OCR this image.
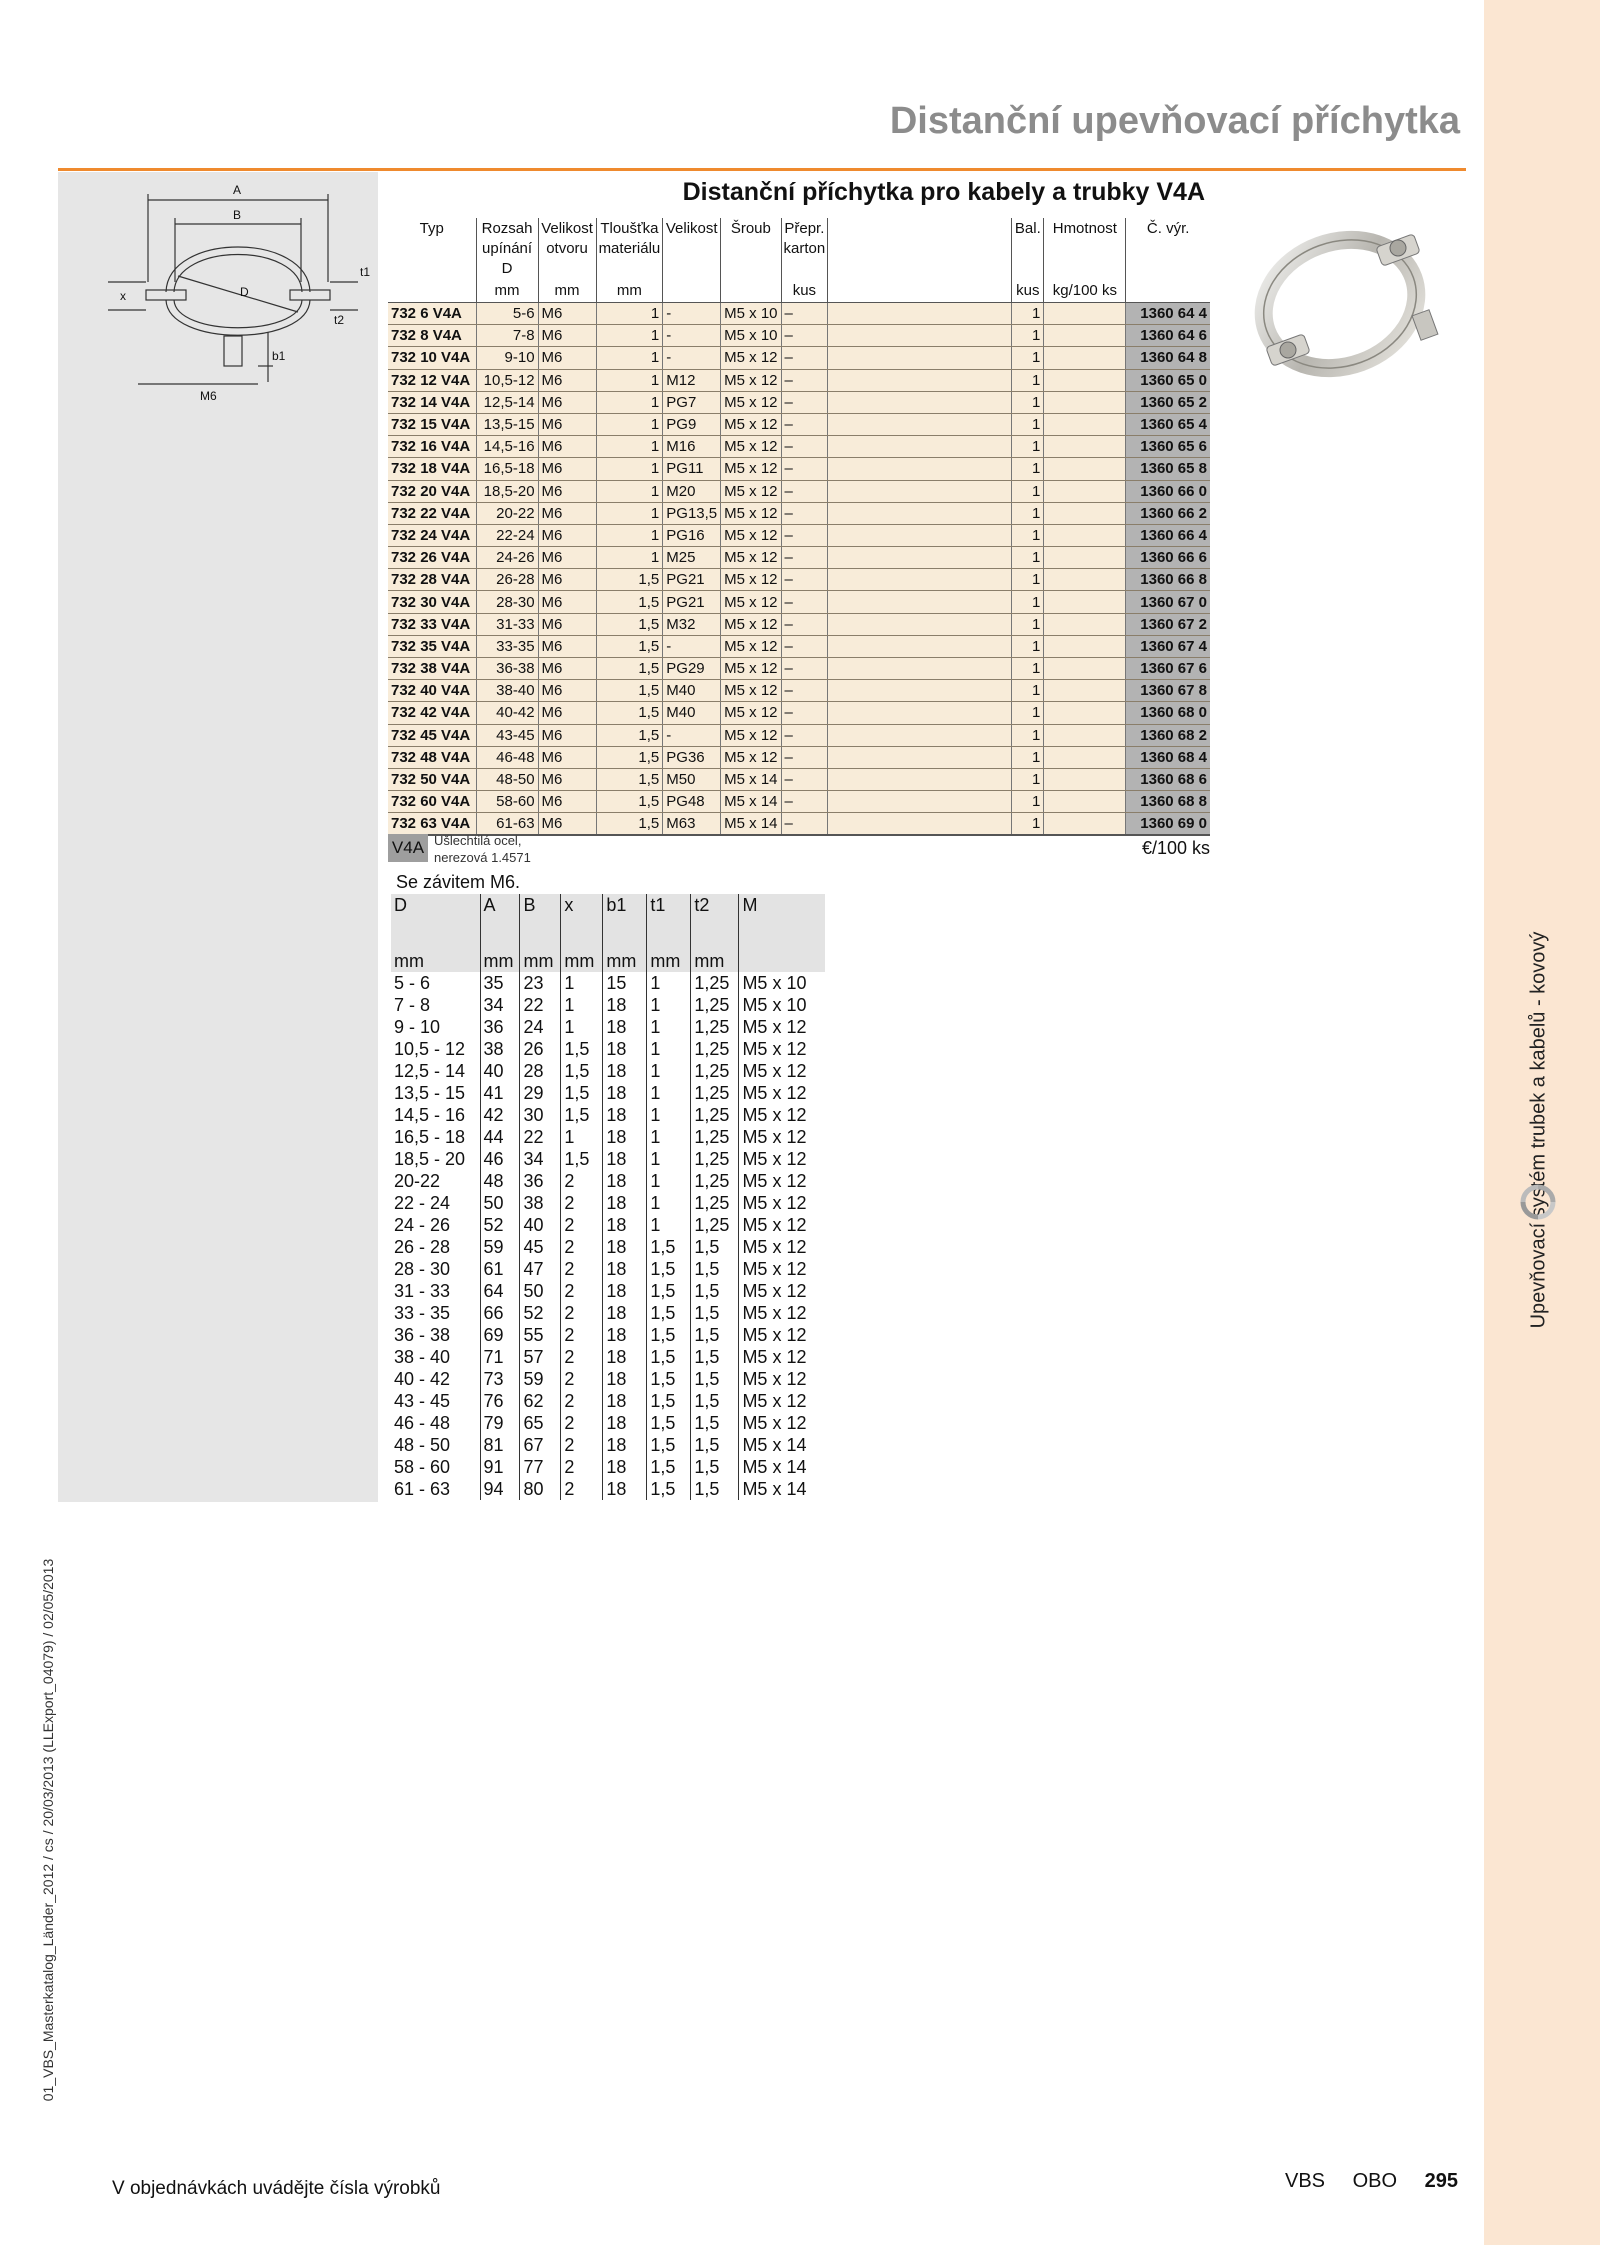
Distanční upevňovací příchytka
A
B
D
x
t1
t2
b1
M6
Distanční příchytka pro kabely a trubky V4A
Typ	Rozsah upínání D	Velikost otvoru	Tloušťka materiálu	Velikost	Šroub	Přepr. karton		Bal.	Hmotnost	Č. výr.
	mm	mm	mm			kus		kus	kg/100 ks	
732 6 V4A	5-6	M6	1	-	M5 x 10	–		1		1360 64 4
732 8 V4A	7-8	M6	1	-	M5 x 10	–		1		1360 64 6
732 10 V4A	9-10	M6	1	-	M5 x 12	–		1		1360 64 8
732 12 V4A	10,5-12	M6	1	M12	M5 x 12	–		1		1360 65 0
732 14 V4A	12,5-14	M6	1	PG7	M5 x 12	–		1		1360 65 2
732 15 V4A	13,5-15	M6	1	PG9	M5 x 12	–		1		1360 65 4
732 16 V4A	14,5-16	M6	1	M16	M5 x 12	–		1		1360 65 6
732 18 V4A	16,5-18	M6	1	PG11	M5 x 12	–		1		1360 65 8
732 20 V4A	18,5-20	M6	1	M20	M5 x 12	–		1		1360 66 0
732 22 V4A	20-22	M6	1	PG13,5	M5 x 12	–		1		1360 66 2
732 24 V4A	22-24	M6	1	PG16	M5 x 12	–		1		1360 66 4
732 26 V4A	24-26	M6	1	M25	M5 x 12	–		1		1360 66 6
732 28 V4A	26-28	M6	1,5	PG21	M5 x 12	–		1		1360 66 8
732 30 V4A	28-30	M6	1,5	PG21	M5 x 12	–		1		1360 67 0
732 33 V4A	31-33	M6	1,5	M32	M5 x 12	–		1		1360 67 2
732 35 V4A	33-35	M6	1,5	-	M5 x 12	–		1		1360 67 4
732 38 V4A	36-38	M6	1,5	PG29	M5 x 12	–		1		1360 67 6
732 40 V4A	38-40	M6	1,5	M40	M5 x 12	–		1		1360 67 8
732 42 V4A	40-42	M6	1,5	M40	M5 x 12	–		1		1360 68 0
732 45 V4A	43-45	M6	1,5	-	M5 x 12	–		1		1360 68 2
732 48 V4A	46-48	M6	1,5	PG36	M5 x 12	–		1		1360 68 4
732 50 V4A	48-50	M6	1,5	M50	M5 x 14	–		1		1360 68 6
732 60 V4A	58-60	M6	1,5	PG48	M5 x 14	–		1		1360 68 8
732 63 V4A	61-63	M6	1,5	M63	M5 x 14	–		1		1360 69 0
V4A Ušlechtilá ocel,
nerezová 1.4571	€/100 ks
Se závitem M6.
D	A	B	x	b1	t1	t2	M
mm	mm	mm	mm	mm	mm	mm	
5 - 6	35	23	1	15	1	1,25	M5 x 10
7 - 8	34	22	1	18	1	1,25	M5 x 10
9 - 10	36	24	1	18	1	1,25	M5 x 12
10,5 - 12	38	26	1,5	18	1	1,25	M5 x 12
12,5 - 14	40	28	1,5	18	1	1,25	M5 x 12
13,5 - 15	41	29	1,5	18	1	1,25	M5 x 12
14,5 - 16	42	30	1,5	18	1	1,25	M5 x 12
16,5 - 18	44	22	1	18	1	1,25	M5 x 12
18,5 - 20	46	34	1,5	18	1	1,25	M5 x 12
20-22	48	36	2	18	1	1,25	M5 x 12
22 - 24	50	38	2	18	1	1,25	M5 x 12
24 - 26	52	40	2	18	1	1,25	M5 x 12
26 - 28	59	45	2	18	1,5	1,5	M5 x 12
28 - 30	61	47	2	18	1,5	1,5	M5 x 12
31 - 33	64	50	2	18	1,5	1,5	M5 x 12
33 - 35	66	52	2	18	1,5	1,5	M5 x 12
36 - 38	69	55	2	18	1,5	1,5	M5 x 12
38 - 40	71	57	2	18	1,5	1,5	M5 x 12
40 - 42	73	59	2	18	1,5	1,5	M5 x 12
43 - 45	76	62	2	18	1,5	1,5	M5 x 12
46 - 48	79	65	2	18	1,5	1,5	M5 x 12
48 - 50	81	67	2	18	1,5	1,5	M5 x 14
58 - 60	91	77	2	18	1,5	1,5	M5 x 14
61 - 63	94	80	2	18	1,5	1,5	M5 x 14
Upevňovací systém trubek a kabelů - kovový
01_VBS_Masterkatalog_Länder_2012 / cs / 20/03/2013 (LLExport_04079) / 02/05/2013
V objednávkách uvádějte čísla výrobků	VBS OBO 295
